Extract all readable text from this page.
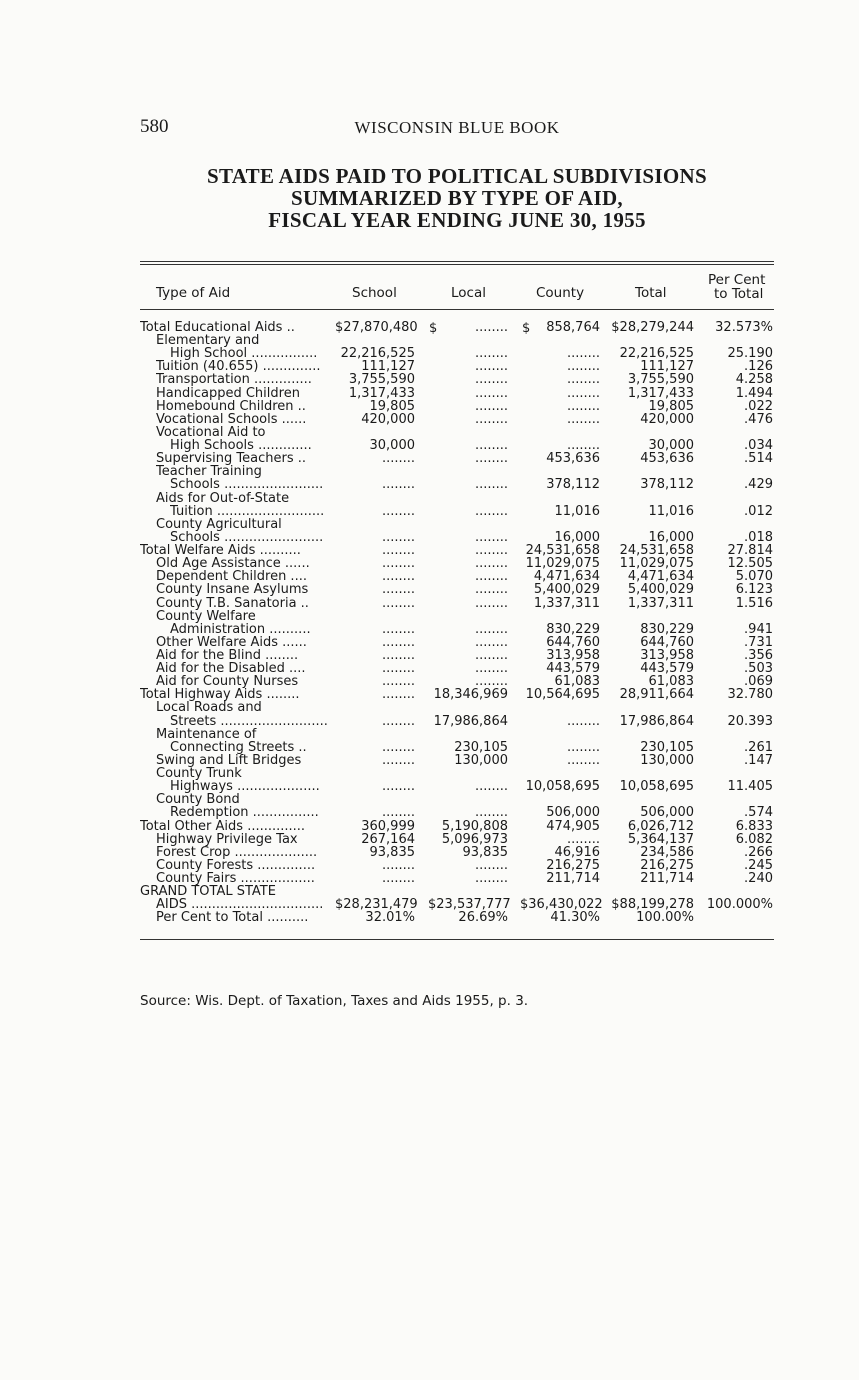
580	WISCONSIN BLUE BOOK
STATE AIDS PAID TO POLITICAL SUBDIVISIONS
SUMMARIZED BY TYPE OF AID,
FISCAL YEAR ENDING JUNE 30, 1955
Type of Aid	School	Local	County	Total
Per Cent
to Total
$	$
Total Educational Aids ..	$27,870,480	........	858,764 $28,279,244	32.573%
Elementary and
High School ................	22,216,525	........	........	22,216,525	25.190
Tuition (40.655) ..............	111,127	........	........	111,127	.126
Transportation ..............	3,755,590	........	........	3,755,590	4.258
Handicapped Children	1,317,433	........	........	1,317,433	1.494
Homebound Children ..	19,805	........	........	19,805	.022
Vocational Schools ......	420,000	........	........	420,000	.476
Vocational Aid to
High Schools .............	30,000	........	........	30,000	.034
Supervising Teachers ..	........	........	453,636	453,636	.514
Teacher Training
Schools ........................	........	........	378,112	378,112	.429
Aids for Out-of-State
Tuition ..........................	........	........	11,016	11,016	.012
County Agricultural
Schools ........................	........	........	16,000	16,000	.018
Total Welfare Aids ..........	........	........	24,531,658	24,531,658	27.814
Old Age Assistance ......	........	........	11,029,075	11,029,075	12.505
Dependent Children ....	........	........	4,471,634	4,471,634	5.070
County Insane Asylums	........	........	5,400,029	5,400,029	6.123
County T.B. Sanatoria ..	........	........	1,337,311	1,337,311	1.516
County Welfare
Administration ..........	........	........	830,229	830,229	.941
Other Welfare Aids ......	........	........	644,760	644,760	.731
Aid for the Blind ........	........	........	313,958	313,958	.356
Aid for the Disabled ....	........	........	443,579	443,579	.503
Aid for County Nurses	........	........	61,083	61,083	.069
Total Highway Aids ........	........	18,346,969	10,564,695	28,911,664	32.780
Local Roads and
Streets ..........................	........	17,986,864	........	17,986,864	20.393
Maintenance of
Connecting Streets ..	........	230,105	........	230,105	.261
Swing and Lift Bridges	........	130,000	........	130,000	.147
County Trunk
Highways ....................	........	........	10,058,695	10,058,695	11.405
County Bond
Redemption ................	........	........	506,000	506,000	.574
Total Other Aids ..............	360,999	5,190,808	474,905	6,026,712	6.833
Highway Privilege Tax	267,164	5,096,973	........	5,364,137	6.082
Forest Crop ....................	93,835	93,835	46,916	234,586	.266
County Forests ..............	........	........	216,275	216,275	.245
County Fairs ..................	........	........	211,714	211,714	.240
GRAND TOTAL STATE
AIDS ................................ $28,231,479 $23,537,777 $36,430,022 $88,199,278 100.000%
Per Cent to Total ..........	32.01%	26.69%	41.30%	100.00%
Source: Wis. Dept. of Taxation, Taxes and Aids 1955, p. 3.
